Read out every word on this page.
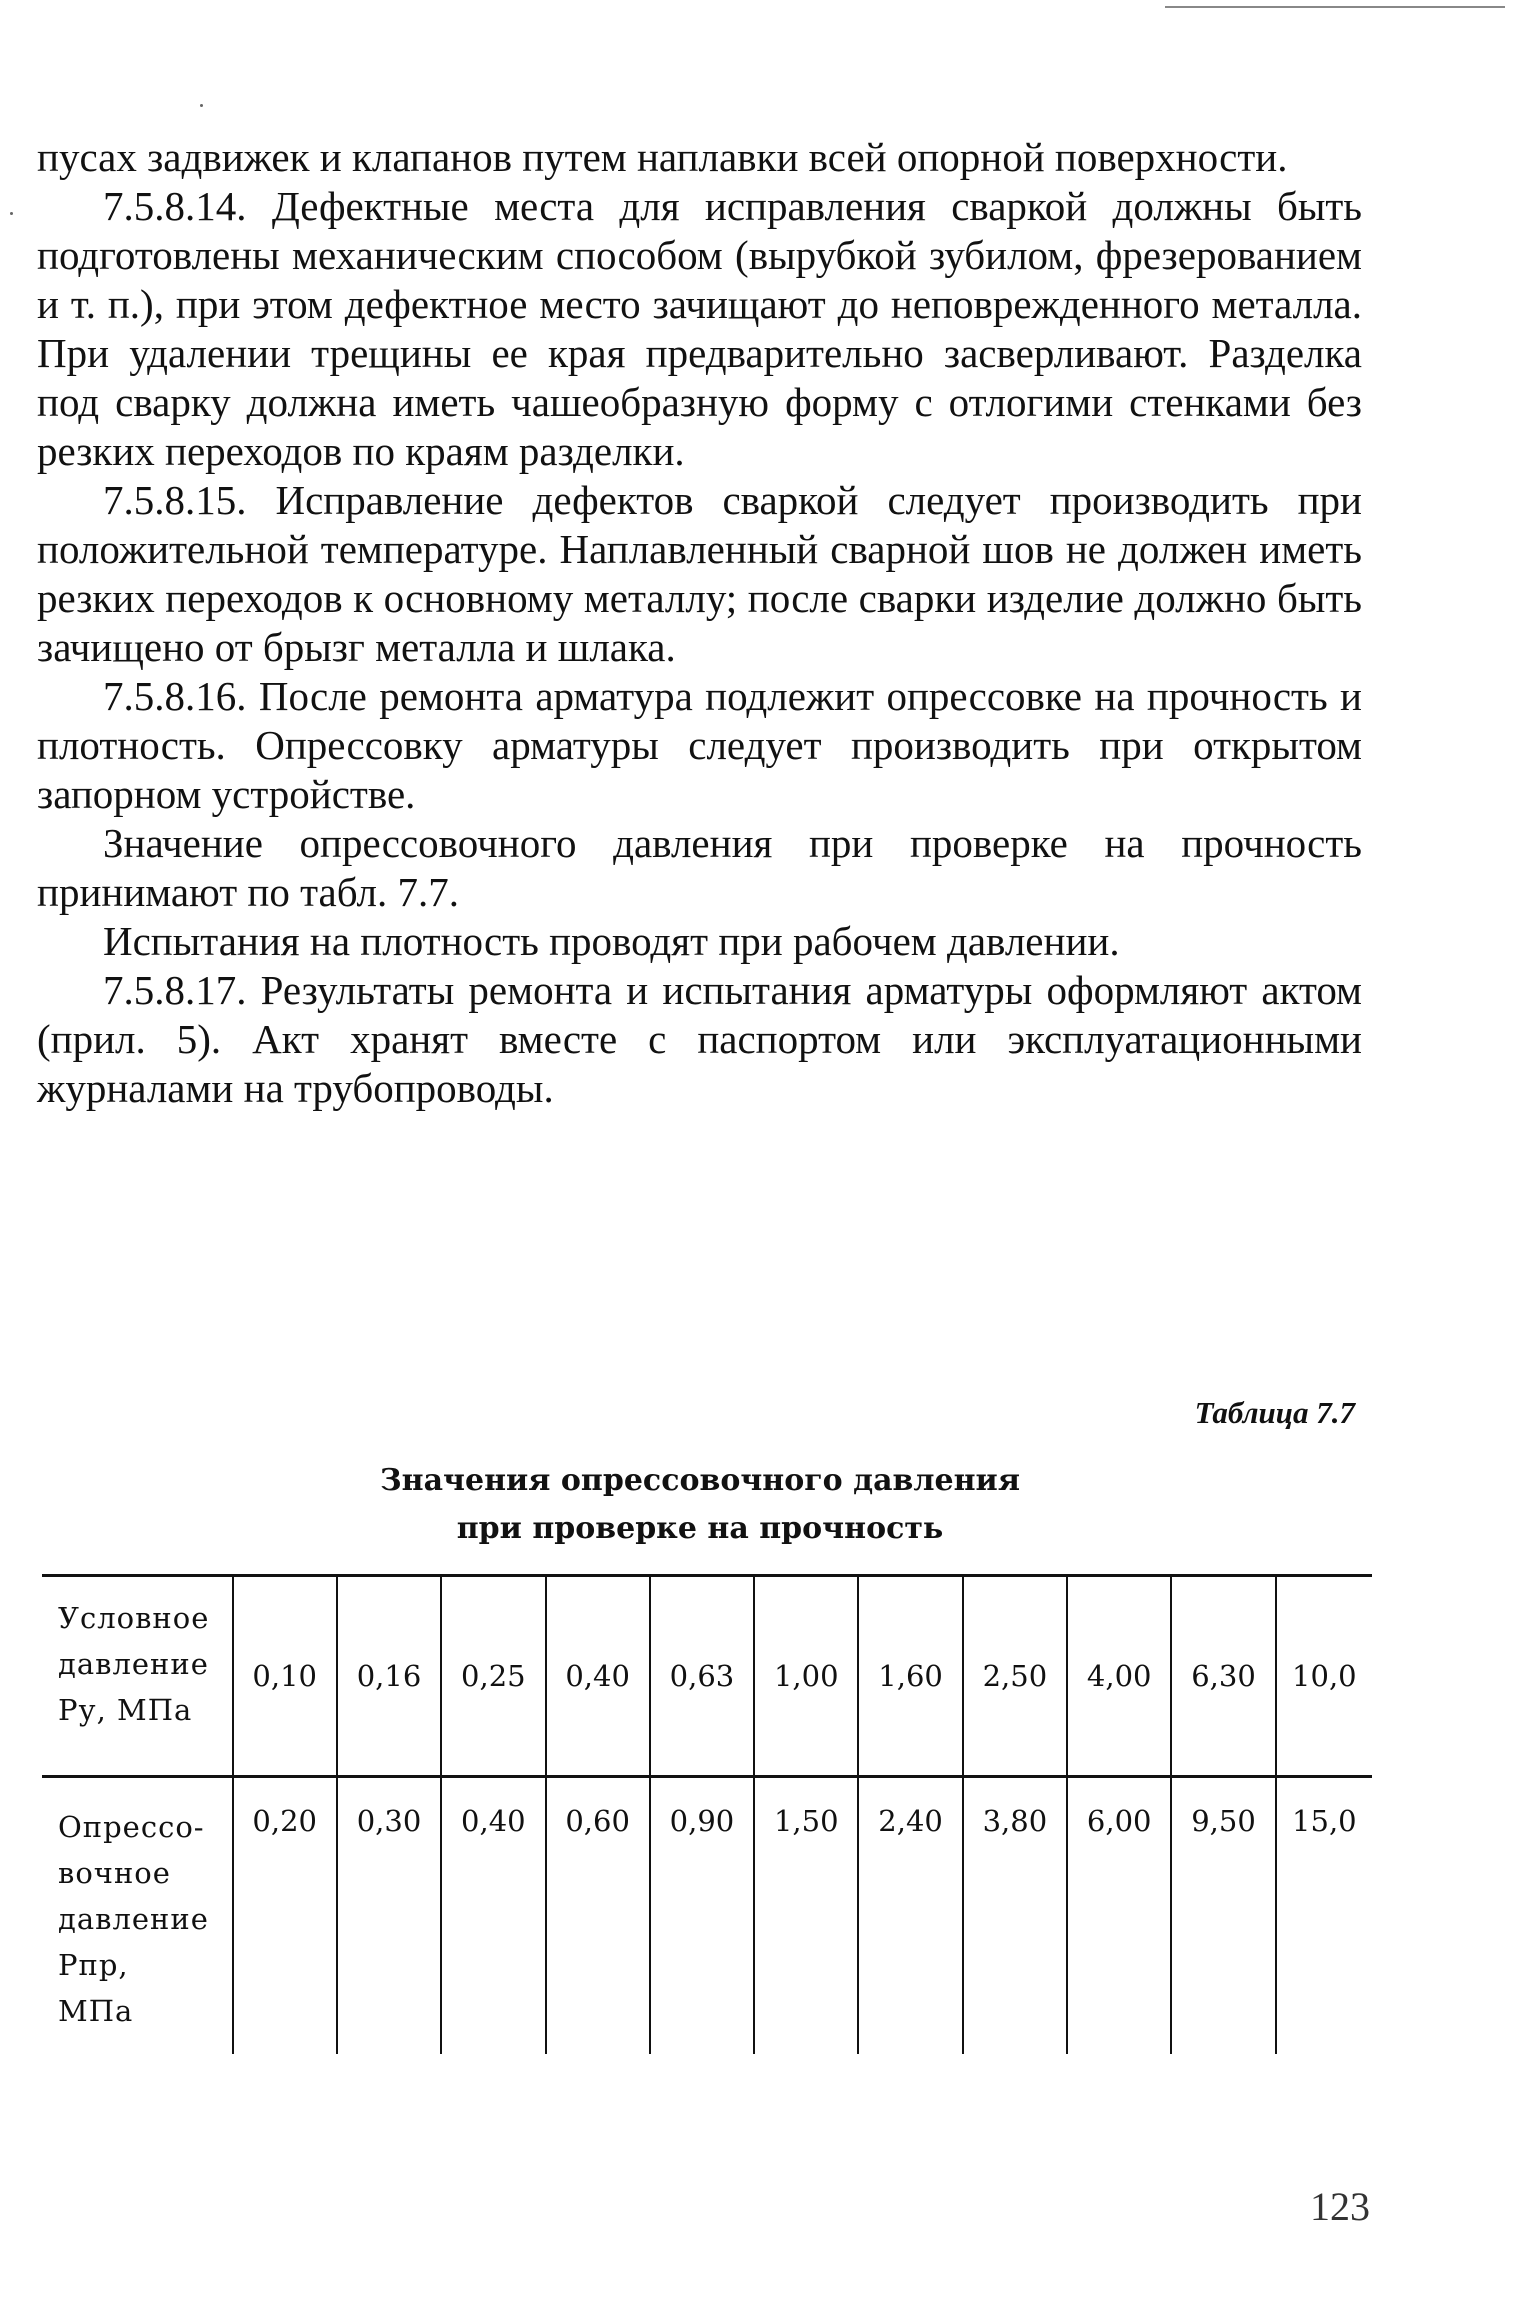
пусах задвижек и клапанов путем наплавки всей опорной поверхности.

7.5.8.14. Дефектные места для исправления сваркой должны быть подготовлены механическим способом (вырубкой зубилом, фрезерованием и т. п.), при этом дефектное место зачищают до неповрежденного металла. При удалении трещины ее края предварительно засверливают. Разделка под сварку должна иметь чашеобразную форму с отлогими стенками без резких переходов по краям разделки.

7.5.8.15. Исправление дефектов сваркой следует производить при положительной температуре. Наплавленный сварной шов не должен иметь резких переходов к основному металлу; после сварки изделие должно быть зачищено от брызг металла и шлака.

7.5.8.16. После ремонта арматура подлежит опрессовке на прочность и плотность. Опрессовку арматуры следует производить при открытом запорном устройстве.

Значение опрессовочного давления при проверке на прочность принимают по табл. 7.7.

Испытания на плотность проводят при рабочем давлении.

7.5.8.17. Результаты ремонта и испытания арматуры оформляют актом (прил. 5). Акт хранят вместе с паспортом или эксплуатационными журналами на трубопроводы.

Таблица 7.7
Значения опрессовочного давления
при проверке на прочность
Условное
давление
Ру, МПа	0,10	0,16	0,25	0,40	0,63	1,00	1,60	2,50	4,00	6,30	10,0

Опрессо-
вочное
давление
Рпр,
МПа	0,20	0,30	0,40	0,60	0,90	1,50	2,40	3,80	6,00	9,50	15,0
123
